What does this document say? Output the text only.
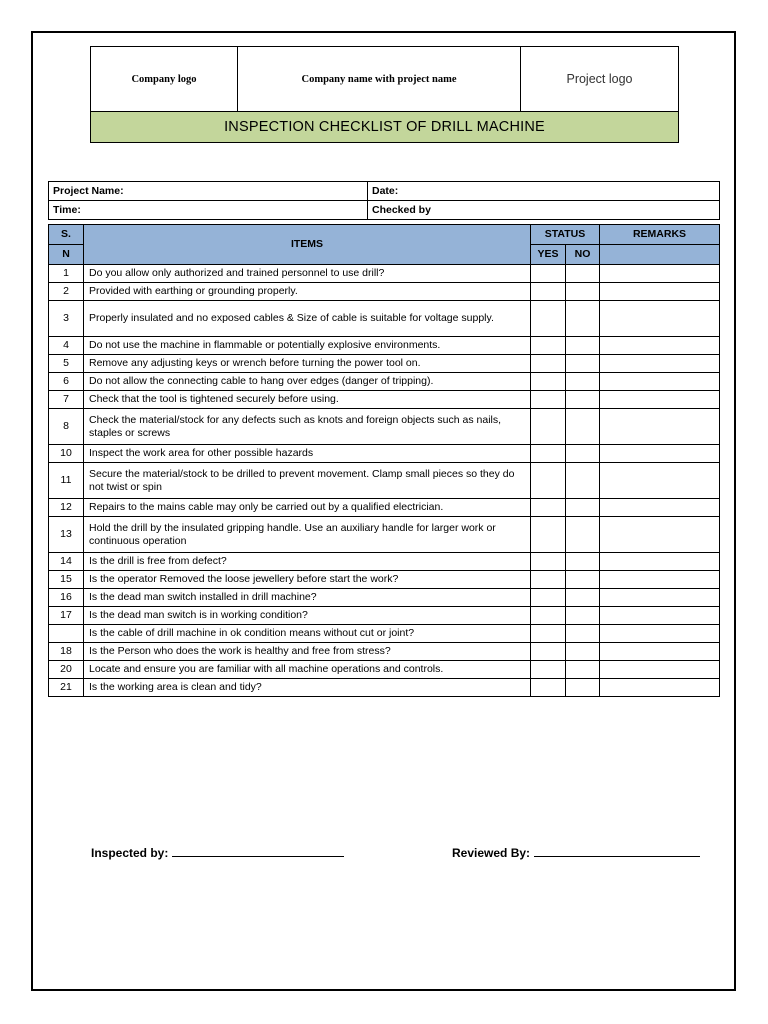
Company logo	Company name with project name	Project logo
INSPECTION CHECKLIST OF DRILL MACHINE
Project Name:	Date:
Time:	Checked by
S.	ITEMS	STATUS		REMARKS
N		YES	NO	
1	Do you allow only authorized and trained personnel to use drill?			
2	Provided with earthing or grounding properly.			
3	Properly insulated and no exposed cables & Size of cable is suitable for voltage supply.			
4	Do not use the machine in flammable or potentially explosive environments.			
5	Remove any adjusting keys or wrench before turning the power tool on.			
6	Do not allow the connecting cable to hang over edges (danger of tripping).			
7	Check that the tool is tightened securely before using.			
8	Check the material/stock for any defects such as knots and foreign objects such as nails, staples or screws			
10	Inspect the work area for other possible hazards			
11	Secure the material/stock to be drilled to prevent movement. Clamp small pieces so they do not twist or spin			
12	Repairs to the mains cable may only be carried out by a qualified electrician.			
13	Hold the drill by the insulated gripping handle. Use an auxiliary handle for larger work or continuous operation			
14	Is the drill is free from defect?			
15	Is the operator Removed the loose jewellery before start the work?			
16	Is the dead man switch installed in drill machine?			
17	Is the dead man switch is in working condition?			
	Is the cable of drill machine in ok condition means without cut or joint?			
18	Is the Person who does the work is healthy and free from stress?			
20	Locate and ensure you are familiar with all machine operations and controls.			
21	Is the working area is clean and tidy?			
Inspected by:	Reviewed By:
